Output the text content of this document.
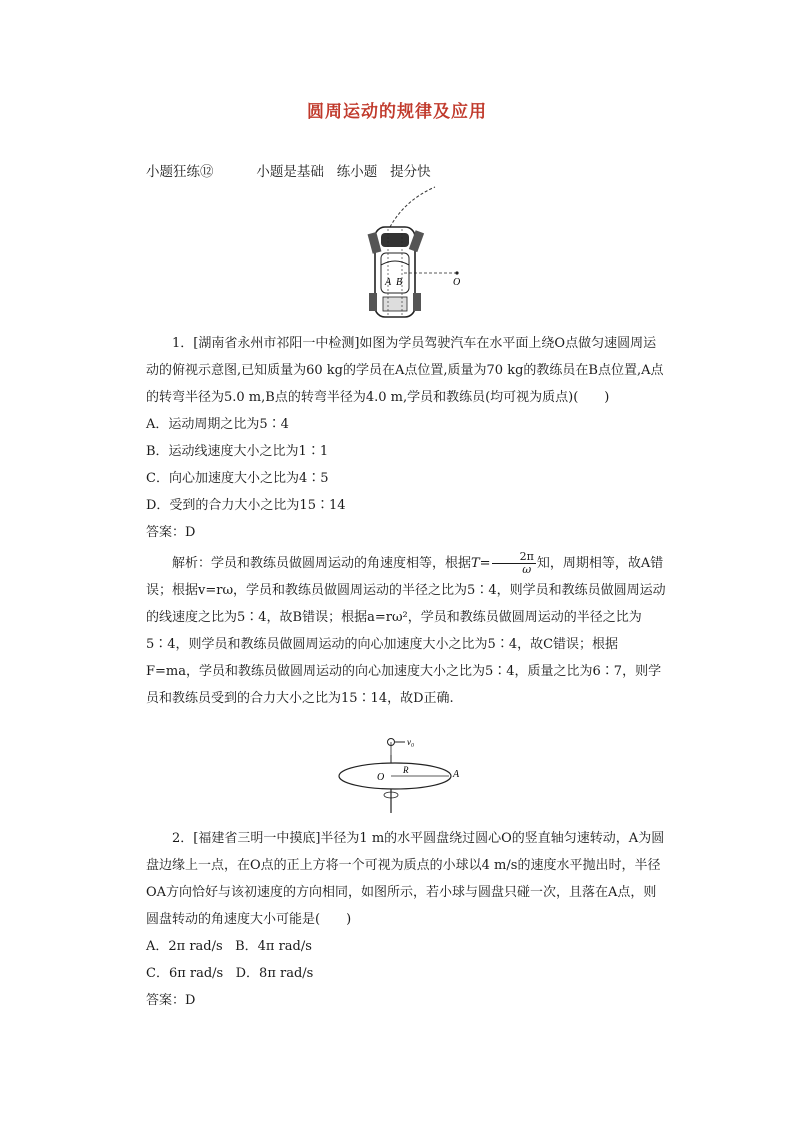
圆周运动的规律及应用
小题狂练⑫          小题是基础   练小题   提分快
A B	O

1．[湖南省永州市祁阳一中检测]如图为学员驾驶汽车在水平面上绕O点做匀速圆周运动的俯视示意图,已知质量为60 kg的学员在A点位置,质量为70 kg的教练员在B点位置,A点的转弯半径为5.0 m,B点的转弯半径为4.0 m,学员和教练员(均可视为质点)(　　)

A．运动周期之比为5∶4

B．运动线速度大小之比为1∶1

C．向心加速度大小之比为4∶5

D．受到的合力大小之比为15∶14

答案：D

解析：学员和教练员做圆周运动的角速度相等，根据$T= \frac{2\pi}{\omega}$ 知，周期相等，故A错误；根据v=rω，学员和教练员做圆周运动的半径之比为5∶4，则学员和教练员做圆周运动的线速度之比为5∶4，故B错误；根据a=rω²，学员和教练员做圆周运动的半径之比为5∶4，则学员和教练员做圆周运动的向心加速度大小之比为5∶4，故C错误；根据F=ma，学员和教练员做圆周运动的向心加速度大小之比为5∶4，质量之比为6∶7，则学员和教练员受到的合力大小之比为15∶14，故D正确.

v₀
O
R	A

2．[福建省三明一中摸底]半径为1 m的水平圆盘绕过圆心O的竖直轴匀速转动，A为圆盘边缘上一点，在O点的正上方将一个可视为质点的小球以4 m/s的速度水平抛出时，半径OA方向恰好与该初速度的方向相同，如图所示，若小球与圆盘只碰一次，且落在A点，则圆盘转动的角速度大小可能是(　　)

A．2π rad/s   B．4π rad/s

C．6π rad/s   D．8π rad/s

答案：D
